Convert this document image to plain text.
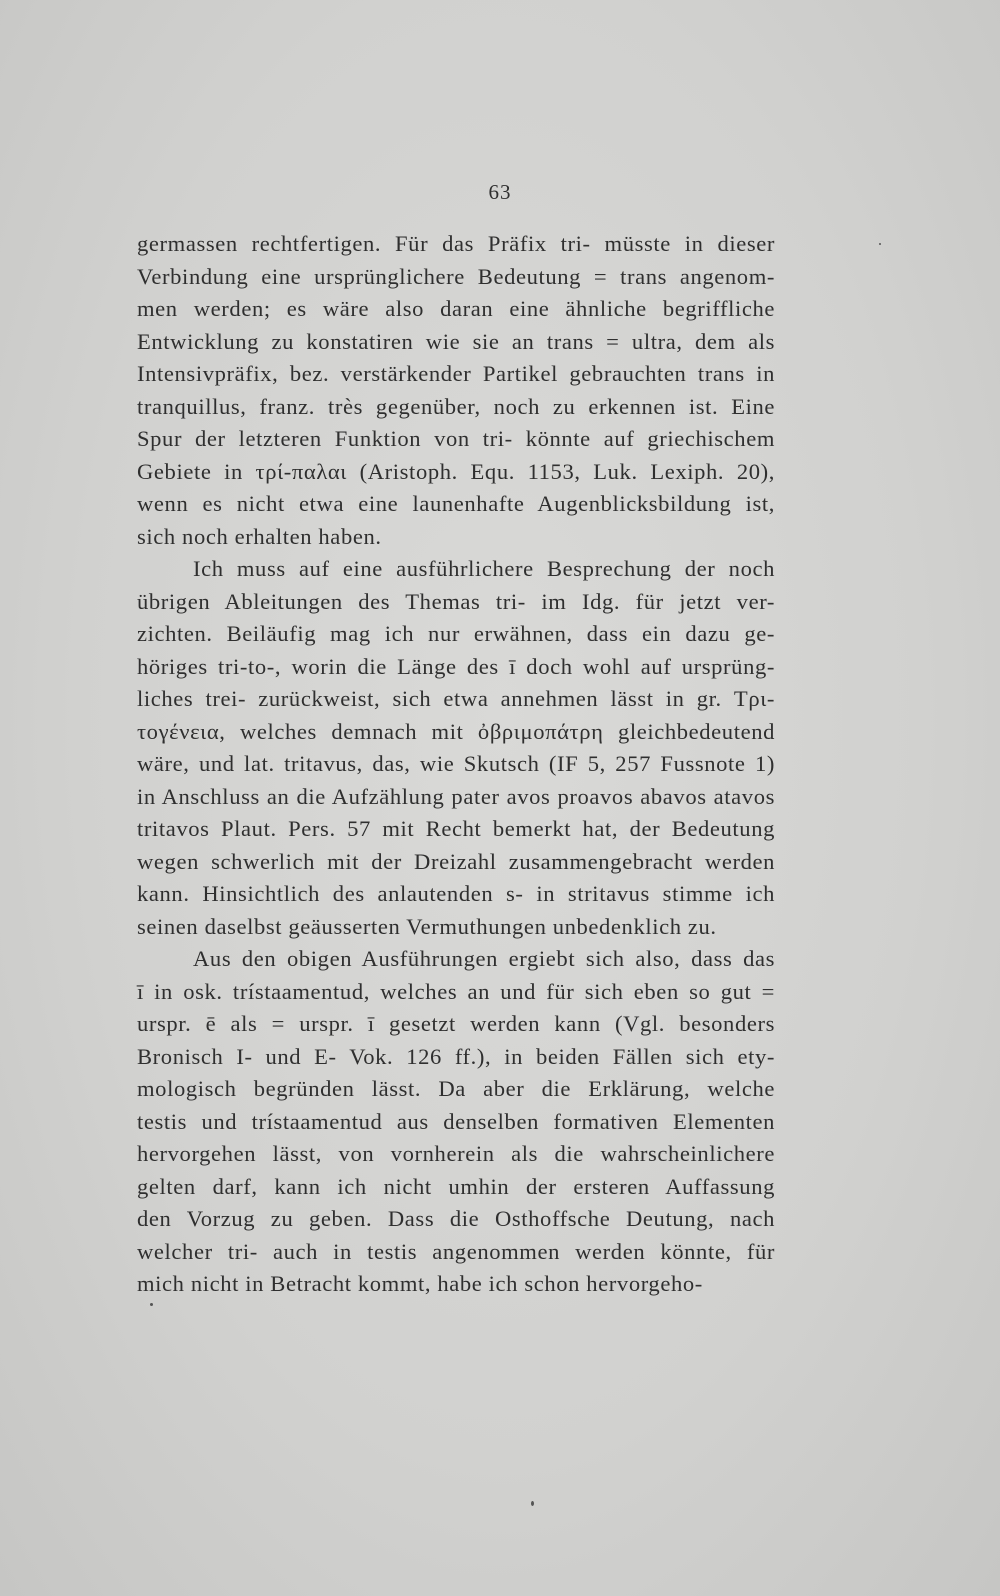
63
germassen rechtfertigen. Für das Präfix tri- müsste in dieser
Verbindung eine ursprünglichere Bedeutung = trans angenom-
men werden; es wäre also daran eine ähnliche begriffliche
Entwicklung zu konstatiren wie sie an trans = ultra, dem als
Intensivpräfix, bez. verstärkender Partikel gebrauchten trans in
tranquillus, franz. très gegenüber, noch zu erkennen ist. Eine
Spur der letzteren Funktion von tri- könnte auf griechischem
Gebiete in τρί-παλαι (Aristoph. Equ. 1153, Luk. Lexiph. 20),
wenn es nicht etwa eine launenhafte Augenblicksbildung ist,
sich noch erhalten haben.
Ich muss auf eine ausführlichere Besprechung der noch
übrigen Ableitungen des Themas tri- im Idg. für jetzt ver-
zichten. Beiläufig mag ich nur erwähnen, dass ein dazu ge-
höriges tri-to-, worin die Länge des ī doch wohl auf ursprüng-
liches trei- zurückweist, sich etwa annehmen lässt in gr. Τρι-
τογένεια, welches demnach mit ὀβριμοπάτρη gleichbedeutend
wäre, und lat. tritavus, das, wie Skutsch (IF 5, 257 Fussnote 1)
in Anschluss an die Aufzählung pater avos proavos abavos atavos
tritavos Plaut. Pers. 57 mit Recht bemerkt hat, der Bedeutung
wegen schwerlich mit der Dreizahl zusammengebracht werden
kann. Hinsichtlich des anlautenden s- in stritavus stimme ich
seinen daselbst geäusserten Vermuthungen unbedenklich zu.
Aus den obigen Ausführungen ergiebt sich also, dass das
ī in osk. trístaamentud, welches an und für sich eben so gut =
urspr. ē als = urspr. ī gesetzt werden kann (Vgl. besonders
Bronisch I- und E- Vok. 126 ff.), in beiden Fällen sich ety-
mologisch begründen lässt. Da aber die Erklärung, welche
testis und trístaamentud aus denselben formativen Elementen
hervorgehen lässt, von vornherein als die wahrscheinlichere
gelten darf, kann ich nicht umhin der ersteren Auffassung
den Vorzug zu geben. Dass die Osthoffsche Deutung, nach
welcher tri- auch in testis angenommen werden könnte, für
mich nicht in Betracht kommt, habe ich schon hervorgeho-
